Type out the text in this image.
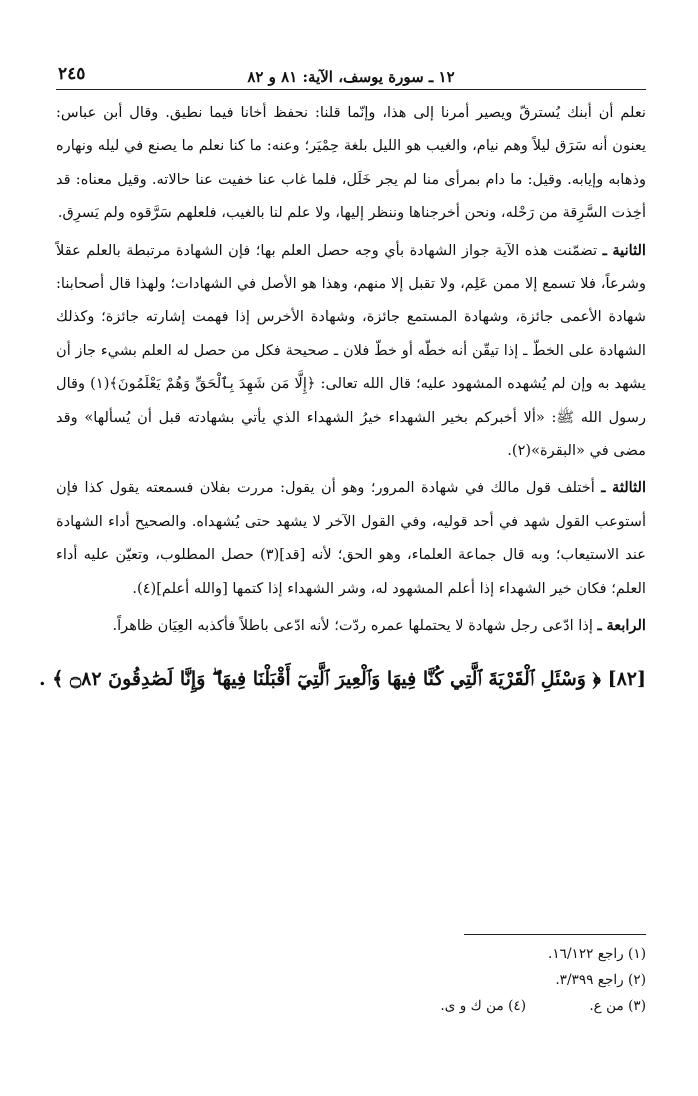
١٢ ـ سورة يوسف، الآية: ٨١ و ٨٢
٢٤٥

نعلم أن أبنك يُسترقّ ويصير أمرنا إلى هذا، وإنّما قلنا: نحفظ أخانا فيما نطيق. وقال أبن عباس: يعنون أنه سَرَق ليلاً وهم نيام، والغيب هو الليل بلغة حِمْيَر؛ وعنه: ما كنا نعلم ما يصنع في ليله ونهاره وذهابه وإيابه. وقيل: ما دام بمرأى منا لم يجر خَلَل، فلما غاب عنا خفيت عنا حالاته. وقيل معناه: قد أخِذت السَّرِقة من رَحْله، ونحن أخرجناها وننظر إليها، ولا علم لنا بالغيب، فلعلهم سَرَّقوه ولم يَسرِق.

الثانية ـ تضمّنت هذه الآية جواز الشهادة بأي وجه حصل العلم بها؛ فإن الشهادة مرتبطة بالعلم عقلاً وشرعاً، فلا تسمع إلا ممن عَلِم، ولا تقبل إلا منهم، وهذا هو الأصل في الشهادات؛ ولهذا قال أصحابنا: شهادة الأعمى جائزة، وشهادة المستمع جائزة، وشهادة الأخرس إذا فهمت إشارته جائزة؛ وكذلك الشهادة على الخطّ ـ إذا تيقّن أنه خطّه أو خطّ فلان ـ صحيحة فكل من حصل له العلم بشيء جاز أن يشهد به وإن لم يُشهده المشهود عليه؛ قال الله تعالى: ﴿إِلَّا مَن شَهِدَ بِٱلْحَقِّ وَهُمْ يَعْلَمُونَ﴾(١) وقال رسول الله ﷺ: «ألا أخبركم بخير الشهداء خيرُ الشهداء الذي يأتي بشهادته قبل أن يُسألها» وقد مضى في «البقرة»(٢).

الثالثة ـ أختلف قول مالك في شهادة المرور؛ وهو أن يقول: مررت بفلان فسمعته يقول كذا فإن أستوعب القول شهد في أحد قوليه، وفي القول الآخر لا يشهد حتى يُشهداه. والصحيح أداء الشهادة عند الاستيعاب؛ وبه قال جماعة العلماء، وهو الحق؛ لأنه [قد](٣) حصل المطلوب، وتعيّن عليه أداء العلم؛ فكان خير الشهداء إذا أعلم المشهود له، وشر الشهداء إذا كتمها [والله أعلم](٤).

الرابعة ـ إذا ادّعى رجل شهادة لا يحتملها عمره ردّت؛ لأنه ادّعى باطلاً فأكذبه العِيَان ظاهراً.

[٨٢] ﴿ وَسْئَلِ ٱلْقَرْيَةَ ٱلَّتِي كُنَّا فِيهَا وَٱلْعِيرَ ٱلَّتِيٓ أَقْبَلْنَا فِيهَا ۖ وَإِنَّا لَصَٰدِقُونَ ۝٨٢ ﴾ .
(١) راجع ١٦/١٢٢.
(٢) راجع ٣/٣٩٩.
(٣) من ع.
(٤) من ك و ى.
